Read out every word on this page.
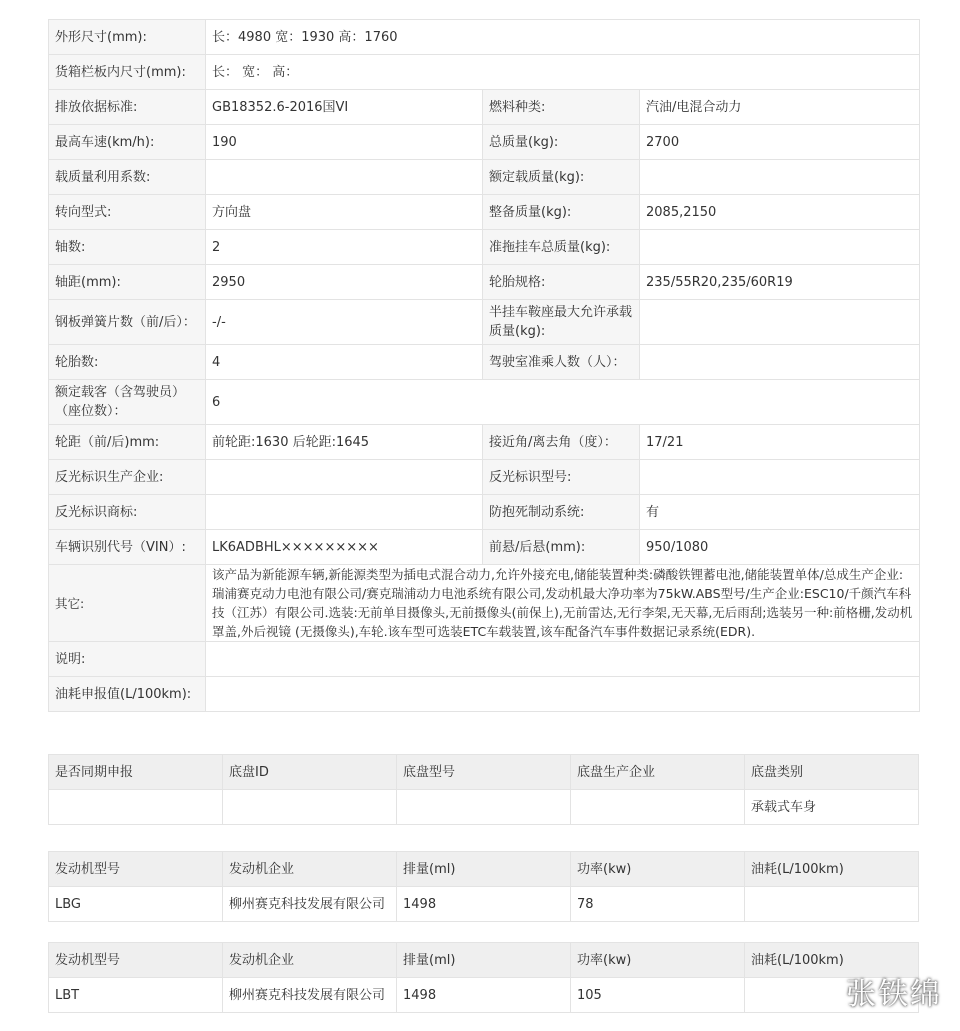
外形尺寸(mm):	长：4980 宽：1930 高：1760		
货箱栏板内尺寸(mm):	长： 宽： 高：		
排放依据标准:	GB18352.6-2016国VI	燃料种类:	汽油/电混合动力
最高车速(km/h):	190	总质量(kg):	2700
载质量利用系数:		额定载质量(kg):	
转向型式:	方向盘	整备质量(kg):	2085,2150
轴数:	2	准拖挂车总质量(kg):	
轴距(mm):	2950	轮胎规格:	235/55R20,235/60R19
钢板弹簧片数（前/后）：	-/-	半挂车鞍座最大允许承载质量(kg):	
轮胎数:	4	驾驶室准乘人数（人）：	
额定载客（含驾驶员）（座位数）：	6		
轮距（前/后)mm:	前轮距:1630 后轮距:1645	接近角/离去角（度）：	17/21
反光标识生产企业:		反光标识型号:	
反光标识商标:		防抱死制动系统:	有
车辆识别代号（VIN）:	LK6ADBHL×××××××××	前悬/后悬(mm):	950/1080
其它:	该产品为新能源车辆,新能源类型为插电式混合动力,允许外接充电,储能装置种类:磷酸铁锂蓄电池,储能装置单体/总成生产企业:瑞浦赛克动力电池有限公司/赛克瑞浦动力电池系统有限公司,发动机最大净功率为75kW.ABS型号/生产企业:ESC10/千颜汽车科技（江苏）有限公司.选装:无前单目摄像头,无前摄像头(前保上),无前雷达,无行李架,无天幕,无后雨刮;选装另一种:前格栅,发动机罩盖,外后视镜 (无摄像头),车轮.该车型可选装ETC车载装置,该车配备汽车事件数据记录系统(EDR).		
说明:			
油耗申报值(L/100km):			
是否同期申报	底盘ID	底盘型号	底盘生产企业	底盘类别
				承载式车身
发动机型号	发动机企业	排量(ml)	功率(kw)	油耗(L/100km)
LBG	柳州赛克科技发展有限公司	1498	78	
发动机型号	发动机企业	排量(ml)	功率(kw)	油耗(L/100km)
LBT	柳州赛克科技发展有限公司	1498	105		张铁绵
